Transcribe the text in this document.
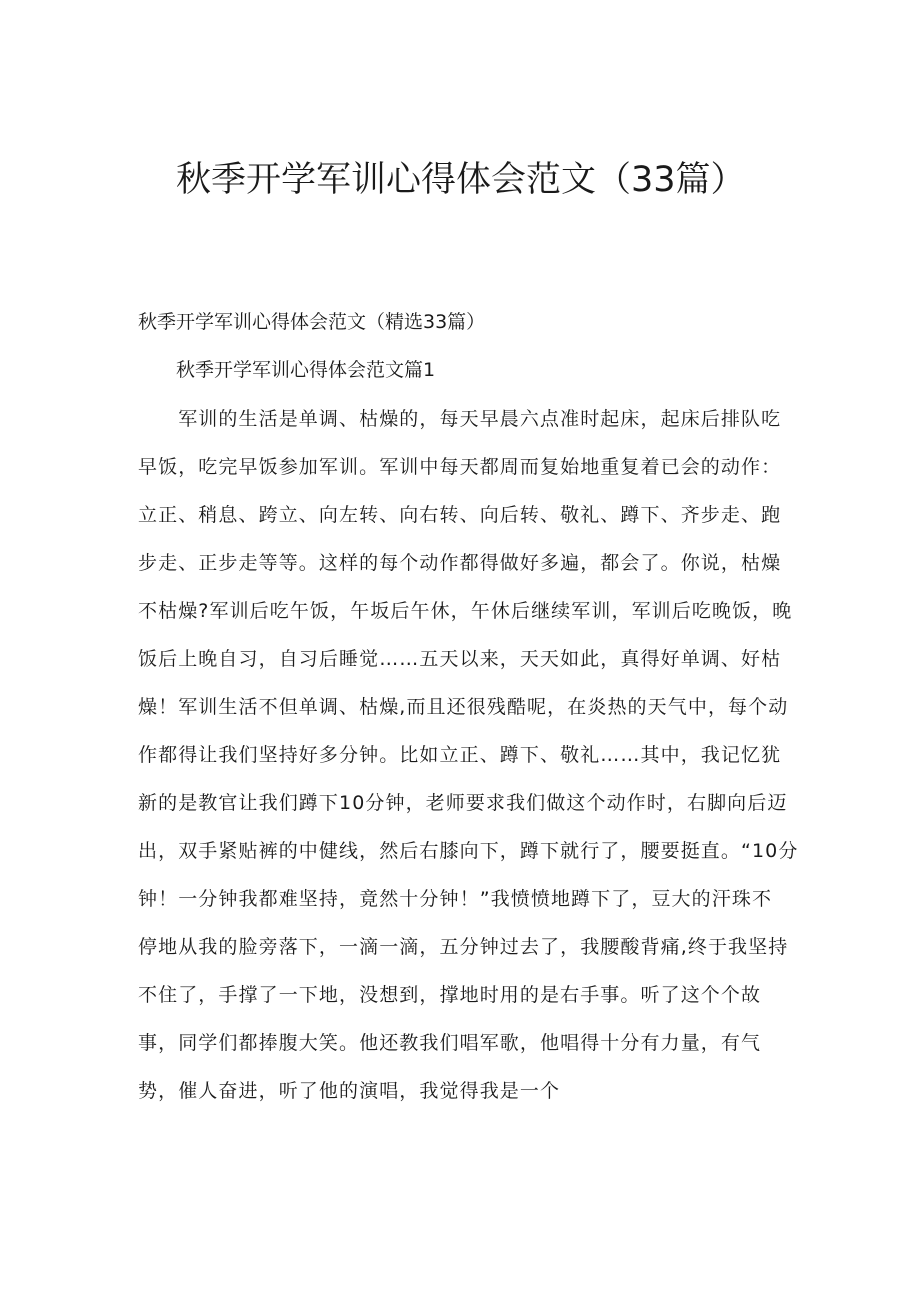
秋季开学军训心得体会范文（33篇）

秋季开学军训心得体会范文（精选33篇）

秋季开学军训心得体会范文篇1

　　军训的生活是单调、枯燥的，每天早晨六点准时起床，起床后排队吃
早饭，吃完早饭参加军训。军训中每天都周而复始地重复着已会的动作：
立正、稍息、跨立、向左转、向右转、向后转、敬礼、蹲下、齐步走、跑
步走、正步走等等。这样的每个动作都得做好多遍，都会了。你说，枯燥
不枯燥?军训后吃午饭，午坂后午休，午休后继续军训，军训后吃晚饭，晚
饭后上晚自习，自习后睡觉……五天以来，天天如此，真得好单调、好枯
燥！军训生活不但单调、枯燥,而且还很残酷呢，在炎热的天气中，每个动
作都得让我们坚持好多分钟。比如立正、蹲下、敬礼……其中，我记忆犹
新的是教官让我们蹲下10分钟，老师要求我们做这个动作时，右脚向后迈
出，双手紧贴裤的中健线，然后右膝向下，蹲下就行了，腰要挺直。“10分
钟！一分钟我都难坚持，竟然十分钟！”我愤愤地蹲下了，豆大的汗珠不
停地从我的脸旁落下，一滴一滴，五分钟过去了，我腰酸背痛,终于我坚持
不住了，手撑了一下地，没想到，撑地时用的是右手事。听了这个个故
事，同学们都捧腹大笑。他还教我们唱军歌，他唱得十分有力量，有气
势，催人奋进，听了他的演唱，我觉得我是一个
